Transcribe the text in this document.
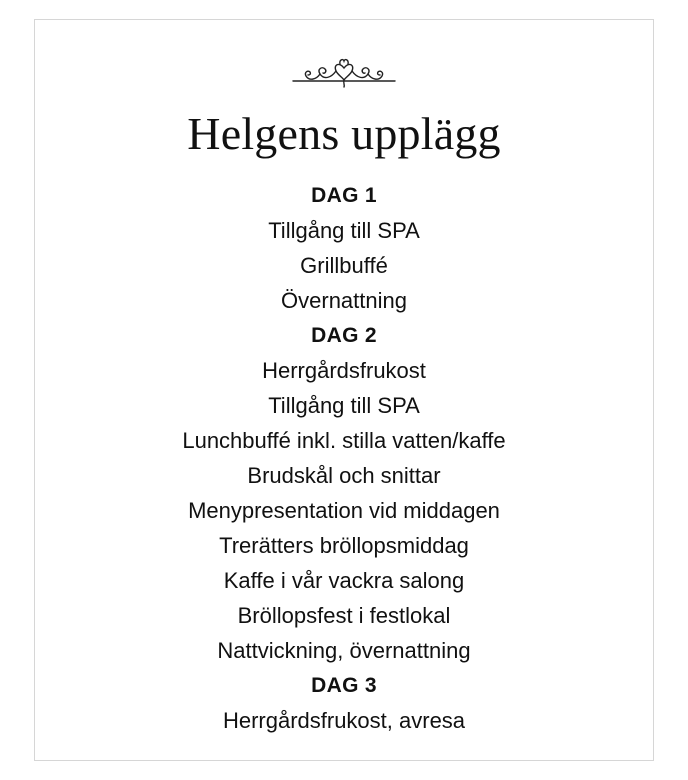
Helgens upplägg
DAG 1
Tillgång till SPA
Grillbuffé
Övernattning
DAG 2
Herrgårdsfrukost
Tillgång till SPA
Lunchbuffé inkl. stilla vatten/kaffe
Brudskål och snittar
Menypresentation vid middagen
Trerätters bröllopsmiddag
Kaffe i vår vackra salong
Bröllopsfest i festlokal
Nattvickning, övernattning
DAG 3
Herrgårdsfrukost, avresa
